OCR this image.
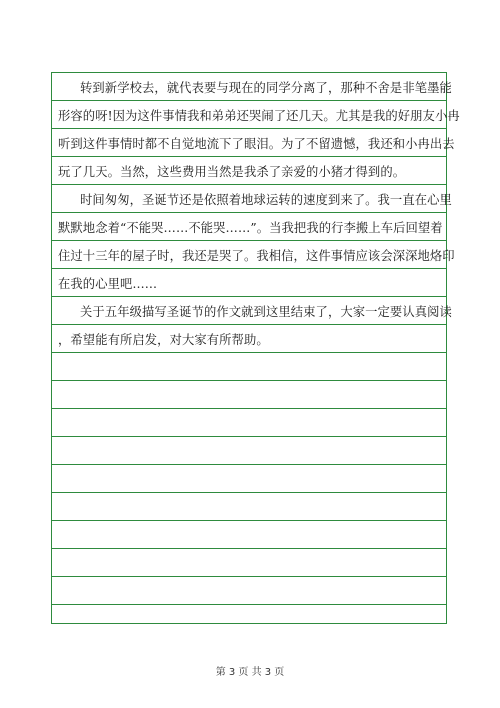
转到新学校去，就代表要与现在的同学分离了，那种不舍是非笔墨能
形容的呀!因为这件事情我和弟弟还哭闹了还几天。尤其是我的好朋友小冉
听到这件事情时都不自觉地流下了眼泪。为了不留遗憾，我还和小冉出去
玩了几天。当然，这些费用当然是我杀了亲爱的小猪才得到的。
时间匆匆，圣诞节还是依照着地球运转的速度到来了。我一直在心里
默默地念着“不能哭……不能哭……”。当我把我的行李搬上车后回望着
住过十三年的屋子时，我还是哭了。我相信，这件事情应该会深深地烙印
在我的心里吧……
关于五年级描写圣诞节的作文就到这里结束了，大家一定要认真阅读
，希望能有所启发，对大家有所帮助。
第 3 页 共 3 页
